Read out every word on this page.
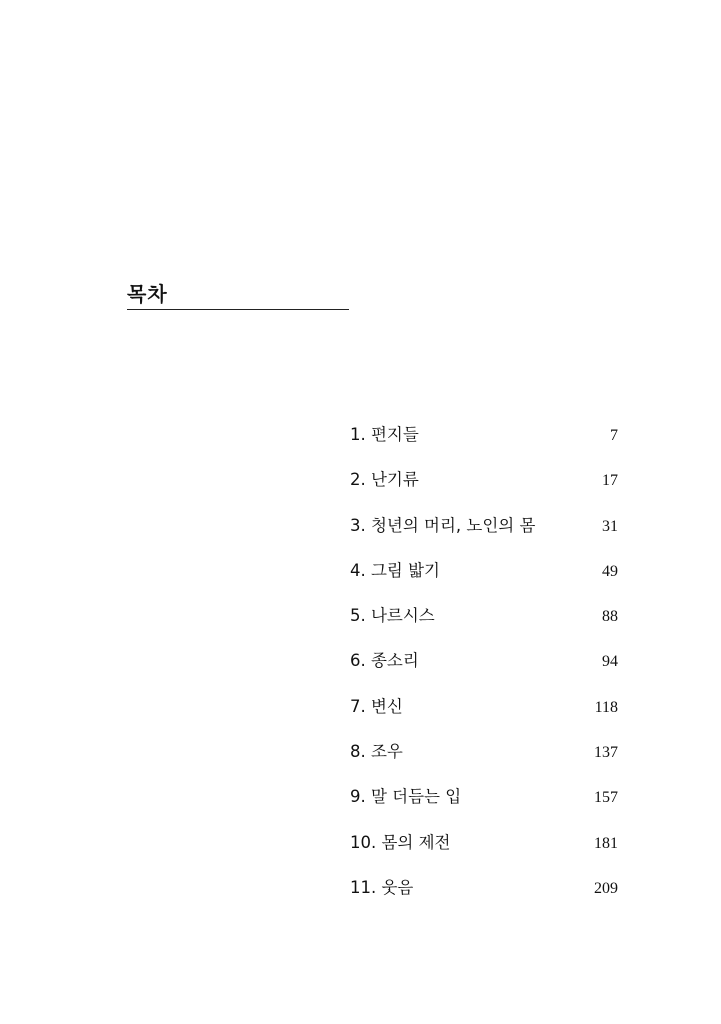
목차
1. 편지들	7
2. 난기류	17
3. 청년의 머리, 노인의 몸	31
4. 그림 밟기	49
5. 나르시스	88
6. 종소리	94
7. 변신	118
8. 조우	137
9. 말 더듬는 입	157
10. 몸의 제전	181
11. 웃음	209
